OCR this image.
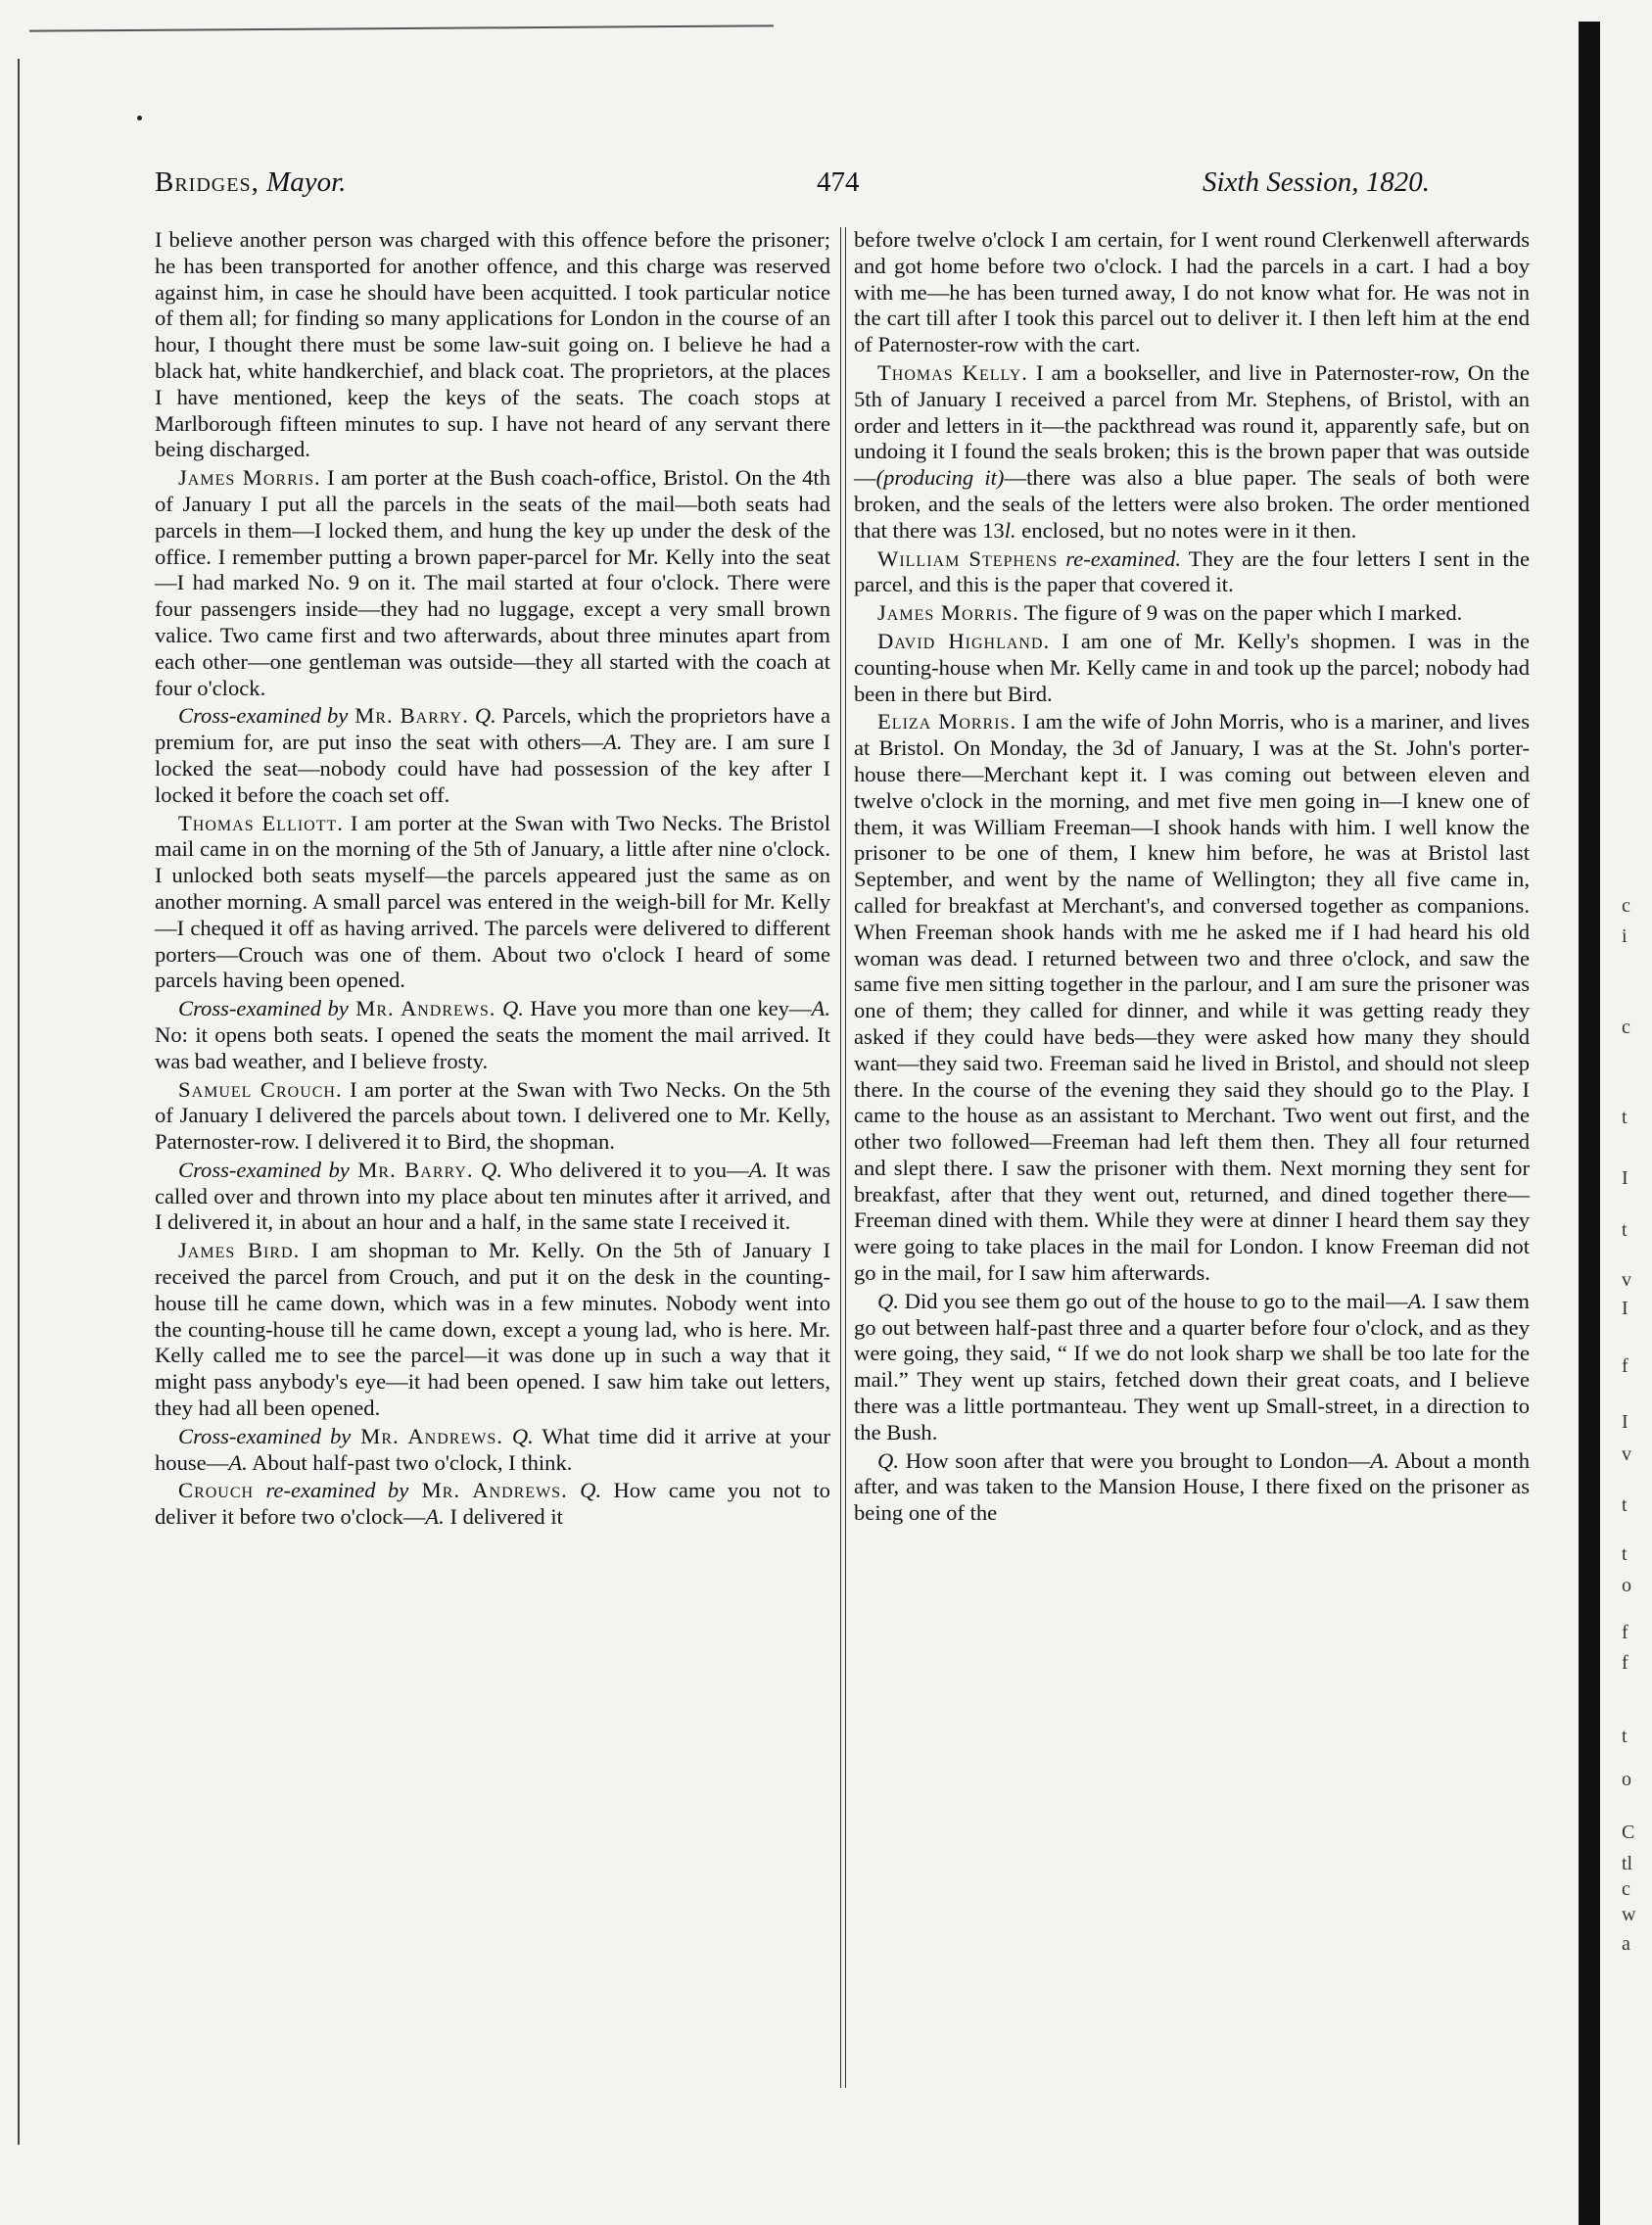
Bridges, Mayor.	474	Sixth Session, 1820.

I believe another person was charged with this offence before the prisoner; he has been transported for another offence, and this charge was reserved against him, in case he should have been acquitted. I took particular notice of them all; for finding so many applications for London in the course of an hour, I thought there must be some law-suit going on. I believe he had a black hat, white handkerchief, and black coat. The proprietors, at the places I have mentioned, keep the keys of the seats. The coach stops at Marlborough fifteen minutes to sup. I have not heard of any servant there being discharged.

James Morris. I am porter at the Bush coach-office, Bristol. On the 4th of January I put all the parcels in the seats of the mail—both seats had parcels in them—I locked them, and hung the key up under the desk of the office. I remember putting a brown paper-parcel for Mr. Kelly into the seat—I had marked No. 9 on it. The mail started at four o'clock. There were four passengers inside—they had no luggage, except a very small brown valice. Two came first and two afterwards, about three minutes apart from each other—one gentleman was outside—they all started with the coach at four o'clock.

Cross-examined by Mr. Barry. Q. Parcels, which the proprietors have a premium for, are put inso the seat with others—A. They are. I am sure I locked the seat—nobody could have had possession of the key after I locked it before the coach set off.

Thomas Elliott. I am porter at the Swan with Two Necks. The Bristol mail came in on the morning of the 5th of January, a little after nine o'clock. I unlocked both seats myself—the parcels appeared just the same as on another morning. A small parcel was entered in the weigh-bill for Mr. Kelly—I chequed it off as having arrived. The parcels were delivered to different porters—Crouch was one of them. About two o'clock I heard of some parcels having been opened.

Cross-examined by Mr. Andrews. Q. Have you more than one key—A. No: it opens both seats. I opened the seats the moment the mail arrived. It was bad weather, and I believe frosty.

Samuel Crouch. I am porter at the Swan with Two Necks. On the 5th of January I delivered the parcels about town. I delivered one to Mr. Kelly, Paternoster-row. I delivered it to Bird, the shopman.

Cross-examined by Mr. Barry. Q. Who delivered it to you—A. It was called over and thrown into my place about ten minutes after it arrived, and I delivered it, in about an hour and a half, in the same state I received it.

James Bird. I am shopman to Mr. Kelly. On the 5th of January I received the parcel from Crouch, and put it on the desk in the counting-house till he came down, which was in a few minutes. Nobody went into the counting-house till he came down, except a young lad, who is here. Mr. Kelly called me to see the parcel—it was done up in such a way that it might pass anybody's eye—it had been opened. I saw him take out letters, they had all been opened.

Cross-examined by Mr. Andrews. Q. What time did it arrive at your house—A. About half-past two o'clock, I think.

Crouch re-examined by Mr. Andrews. Q. How came you not to deliver it before two o'clock—A. I delivered it

before twelve o'clock I am certain, for I went round Clerkenwell afterwards and got home before two o'clock. I had the parcels in a cart. I had a boy with me—he has been turned away, I do not know what for. He was not in the cart till after I took this parcel out to deliver it. I then left him at the end of Paternoster-row with the cart.

Thomas Kelly. I am a bookseller, and live in Paternoster-row, On the 5th of January I received a parcel from Mr. Stephens, of Bristol, with an order and letters in it—the packthread was round it, apparently safe, but on undoing it I found the seals broken; this is the brown paper that was outside—(producing it)—there was also a blue paper. The seals of both were broken, and the seals of the letters were also broken. The order mentioned that there was 13l. enclosed, but no notes were in it then.

William Stephens re-examined. They are the four letters I sent in the parcel, and this is the paper that covered it.

James Morris. The figure of 9 was on the paper which I marked.

David Highland. I am one of Mr. Kelly's shopmen. I was in the counting-house when Mr. Kelly came in and took up the parcel; nobody had been in there but Bird.

Eliza Morris. I am the wife of John Morris, who is a mariner, and lives at Bristol. On Monday, the 3d of January, I was at the St. John's porter-house there—Merchant kept it. I was coming out between eleven and twelve o'clock in the morning, and met five men going in—I knew one of them, it was William Freeman—I shook hands with him. I well know the prisoner to be one of them, I knew him before, he was at Bristol last September, and went by the name of Wellington; they all five came in, called for breakfast at Merchant's, and conversed together as companions. When Freeman shook hands with me he asked me if I had heard his old woman was dead. I returned between two and three o'clock, and saw the same five men sitting together in the parlour, and I am sure the prisoner was one of them; they called for dinner, and while it was getting ready they asked if they could have beds—they were asked how many they should want—they said two. Freeman said he lived in Bristol, and should not sleep there. In the course of the evening they said they should go to the Play. I came to the house as an assistant to Merchant. Two went out first, and the other two followed—Freeman had left them then. They all four returned and slept there. I saw the prisoner with them. Next morning they sent for breakfast, after that they went out, returned, and dined together there—Freeman dined with them. While they were at dinner I heard them say they were going to take places in the mail for London. I know Freeman did not go in the mail, for I saw him afterwards.

Q. Did you see them go out of the house to go to the mail—A. I saw them go out between half-past three and a quarter before four o'clock, and as they were going, they said, “ If we do not look sharp we shall be too late for the mail.” They went up stairs, fetched down their great coats, and I believe there was a little portmanteau. They went up Small-street, in a direction to the Bush.

Q. How soon after that were you brought to London—A. About a month after, and was taken to the Mansion House, I there fixed on the prisoner as being one of the

c
i
c
t
I
t
v
I
f
I
v
t
t
o
f
f
t
o
C
tl
c
w
a
